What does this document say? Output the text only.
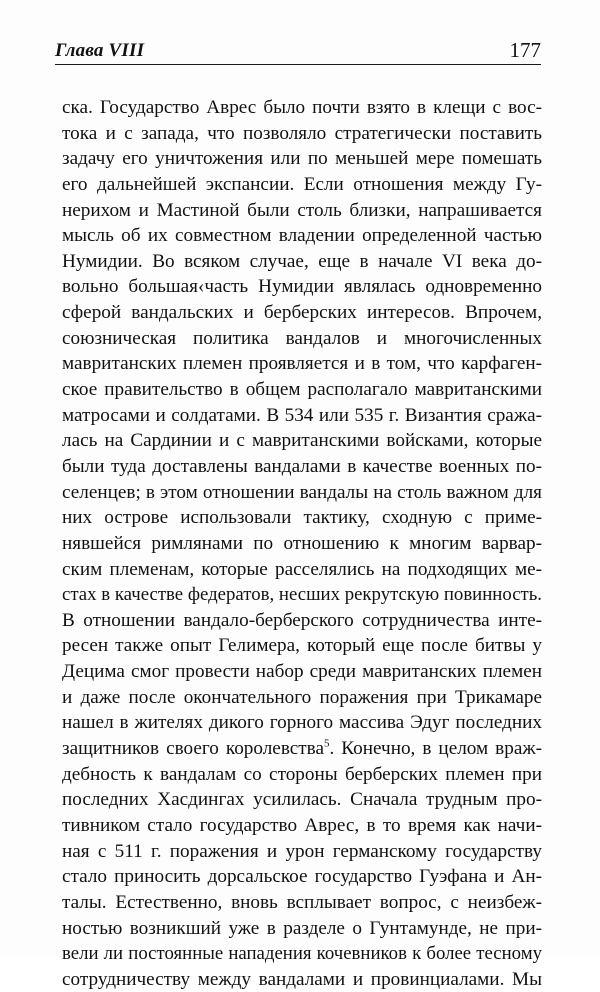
Глава VIII	177
ска. Государство Аврес было почти взято в клещи с вос-
тока и с запада, что позволяло стратегически поставить
задачу его уничтожения или по меньшей мере помешать
его дальнейшей экспансии. Если отношения между Гу-
нерихом и Мастиной были столь близки, напрашивается
мысль об их совместном владении определенной частью
Нумидии. Во всяком случае, еще в начале VI века до-
вольно большая‹часть Нумидии являлась одновременно
сферой вандальских и берберских интересов. Впрочем,
союзническая политика вандалов и многочисленных
мавританских племен проявляется и в том, что карфаген-
ское правительство в общем располагало мавританскими
матросами и солдатами. В 534 или 535 г. Византия сража-
лась на Сардинии и с мавританскими войсками, которые
были туда доставлены вандалами в качестве военных по-
селенцев; в этом отношении вандалы на столь важном для
них острове использовали тактику, сходную с приме-
нявшейся римлянами по отношению к многим варвар-
ским племенам, которые расселялись на подходящих ме-
стах в качестве федератов, несших рекрутскую повинность.
В отношении вандало-берберского сотрудничества инте-
ресен также опыт Гелимера, который еще после битвы у
Децима смог провести набор среди мавританских племен
и даже после окончательного поражения при Трикамаре
нашел в жителях дикого горного массива Эдуг последних
защитников своего королевства$^5$. Конечно, в целом враж-
дебность к вандалам со стороны берберских племен при
последних Хасдингах усилилась. Сначала трудным про-
тивником стало государство Аврес, в то время как начи-
ная с 511 г. поражения и урон германскому государству
стало приносить дорсальское государство Гуэфана и Ан-
талы. Естественно, вновь всплывает вопрос, с неизбеж-
ностью возникший уже в разделе о Гунтамунде, не при-
вели ли постоянные нападения кочевников к более тесному
сотрудничеству между вандалами и провинциалами. Мы
